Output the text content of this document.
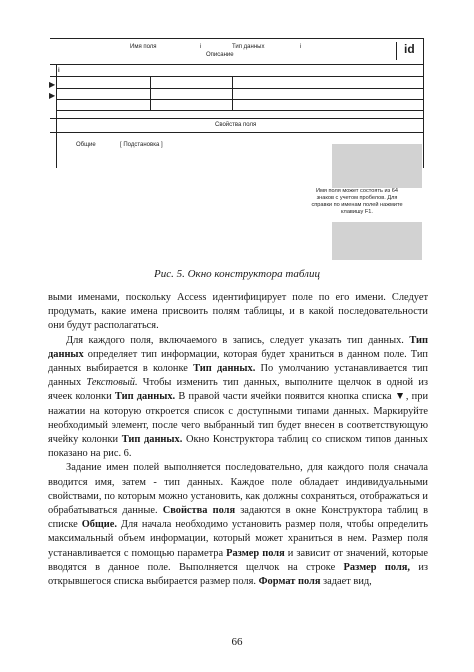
Имя поля	i	Тип данных	i
Описание	id
i
▶
▶
Свойства поля
Общие	[ Подстановка ]
Имя поля может состоять из 64 знаков с учетом пробелов. Для справки по именам полей нажмите клавишу F1.
Рис. 5. Окно конструктора таблиц

выми именами, поскольку Access идентифицирует поле по его имени. Следует продумать, какие имена присвоить полям таблицы, и в какой последовательности они будут располагаться.

Для каждого поля, включаемого в запись, следует указать тип данных. Тип данных определяет тип информации, которая будет храниться в данном поле. Тип данных выбирается в колонке Тип данных. По умолчанию устанавливается тип данных Текстовый. Чтобы изменить тип данных, выполните щелчок в одной из ячеек колонки Тип данных. В правой части ячейки появится кнопка списка ▼, при нажатии на которую откроется список с доступными типами данных. Маркируйте необходимый элемент, после чего выбранный тип будет внесен в соответствующую ячейку колонки Тип данных. Окно Конструктора таблиц со списком типов данных показано на рис. 6.

Задание имен полей выполняется последовательно, для каждого поля сначала вводится имя, затем - тип данных. Каждое поле обладает индивидуальными свойствами, по которым можно установить, как должны сохраняться, отображаться и обрабатываться данные. Свойства поля задаются в окне Конструктора таблиц в списке Общие. Для начала необходимо установить размер поля, чтобы определить максимальный объем информации, который может храниться в нем. Размер поля устанавливается с помощью параметра Размер поля и зависит от значений, которые вводятся в данное поле. Выполняется щелчок на строке Размер поля, из открывшегося списка выбирается размер поля. Формат поля задает вид,

66
